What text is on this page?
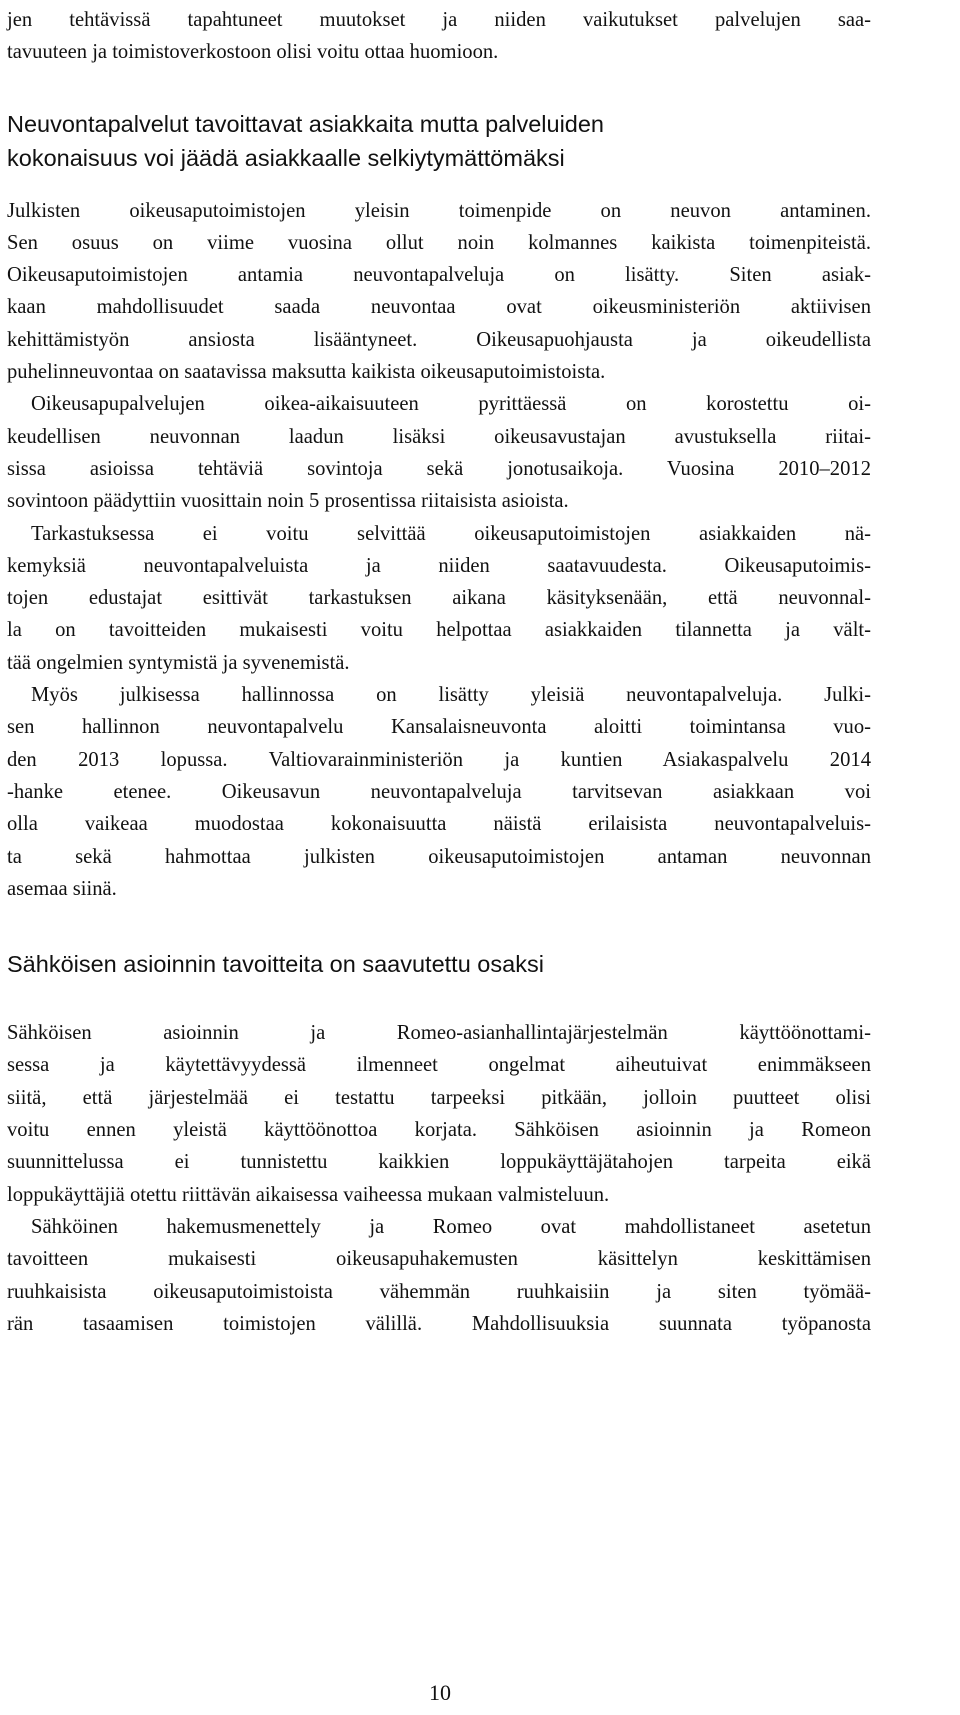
jen tehtävissä tapahtuneet muutokset ja niiden vaikutukset palvelujen saa-
tavuuteen ja toimistoverkostoon olisi voitu ottaa huomioon.

Neuvontapalvelut tavoittavat asiakkaita mutta palveluiden
kokonaisuus voi jäädä asiakkaalle selkiytymättömäksi

Julkisten oikeusaputoimistojen yleisin toimenpide on neuvon antaminen.
Sen osuus on viime vuosina ollut noin kolmannes kaikista toimenpiteistä.
Oikeusaputoimistojen antamia neuvontapalveluja on lisätty. Siten asiak-
kaan mahdollisuudet saada neuvontaa ovat oikeusministeriön aktiivisen
kehittämistyön ansiosta lisääntyneet. Oikeusapuohjausta ja oikeudellista
puhelinneuvontaa on saatavissa maksutta kaikista oikeusaputoimistoista.

Oikeusapupalvelujen oikea-aikaisuuteen pyrittäessä on korostettu oi-
keudellisen neuvonnan laadun lisäksi oikeusavustajan avustuksella riitai-
sissa asioissa tehtäviä sovintoja sekä jonotusaikoja. Vuosina 2010–2012
sovintoon päädyttiin vuosittain noin 5 prosentissa riitaisista asioista.

Tarkastuksessa ei voitu selvittää oikeusaputoimistojen asiakkaiden nä-
kemyksiä neuvontapalveluista ja niiden saatavuudesta. Oikeusaputoimis-
tojen edustajat esittivät tarkastuksen aikana käsityksenään, että neuvonnal-
la on tavoitteiden mukaisesti voitu helpottaa asiakkaiden tilannetta ja vält-
tää ongelmien syntymistä ja syvenemistä.

Myös julkisessa hallinnossa on lisätty yleisiä neuvontapalveluja. Julki-
sen hallinnon neuvontapalvelu Kansalaisneuvonta aloitti toimintansa vuo-
den 2013 lopussa. Valtiovarainministeriön ja kuntien Asiakaspalvelu 2014
-hanke etenee. Oikeusavun neuvontapalveluja tarvitsevan asiakkaan voi
olla vaikeaa muodostaa kokonaisuutta näistä erilaisista neuvontapalveluis-
ta sekä hahmottaa julkisten oikeusaputoimistojen antaman neuvonnan
asemaa siinä.

Sähköisen asioinnin tavoitteita on saavutettu osaksi

Sähköisen asioinnin ja Romeo-asianhallintajärjestelmän käyttöönottami-
sessa ja käytettävyydessä ilmenneet ongelmat aiheutuivat enimmäkseen
siitä, että järjestelmää ei testattu tarpeeksi pitkään, jolloin puutteet olisi
voitu ennen yleistä käyttöönottoa korjata. Sähköisen asioinnin ja Romeon
suunnittelussa ei tunnistettu kaikkien loppukäyttäjätahojen tarpeita eikä
loppukäyttäjiä otettu riittävän aikaisessa vaiheessa mukaan valmisteluun.

Sähköinen hakemusmenettely ja Romeo ovat mahdollistaneet asetetun
tavoitteen mukaisesti oikeusapuhakemusten käsittelyn keskittämisen
ruuhkaisista oikeusaputoimistoista vähemmän ruuhkaisiin ja siten työmää-
rän tasaamisen toimistojen välillä. Mahdollisuuksia suunnata työpanosta

10
